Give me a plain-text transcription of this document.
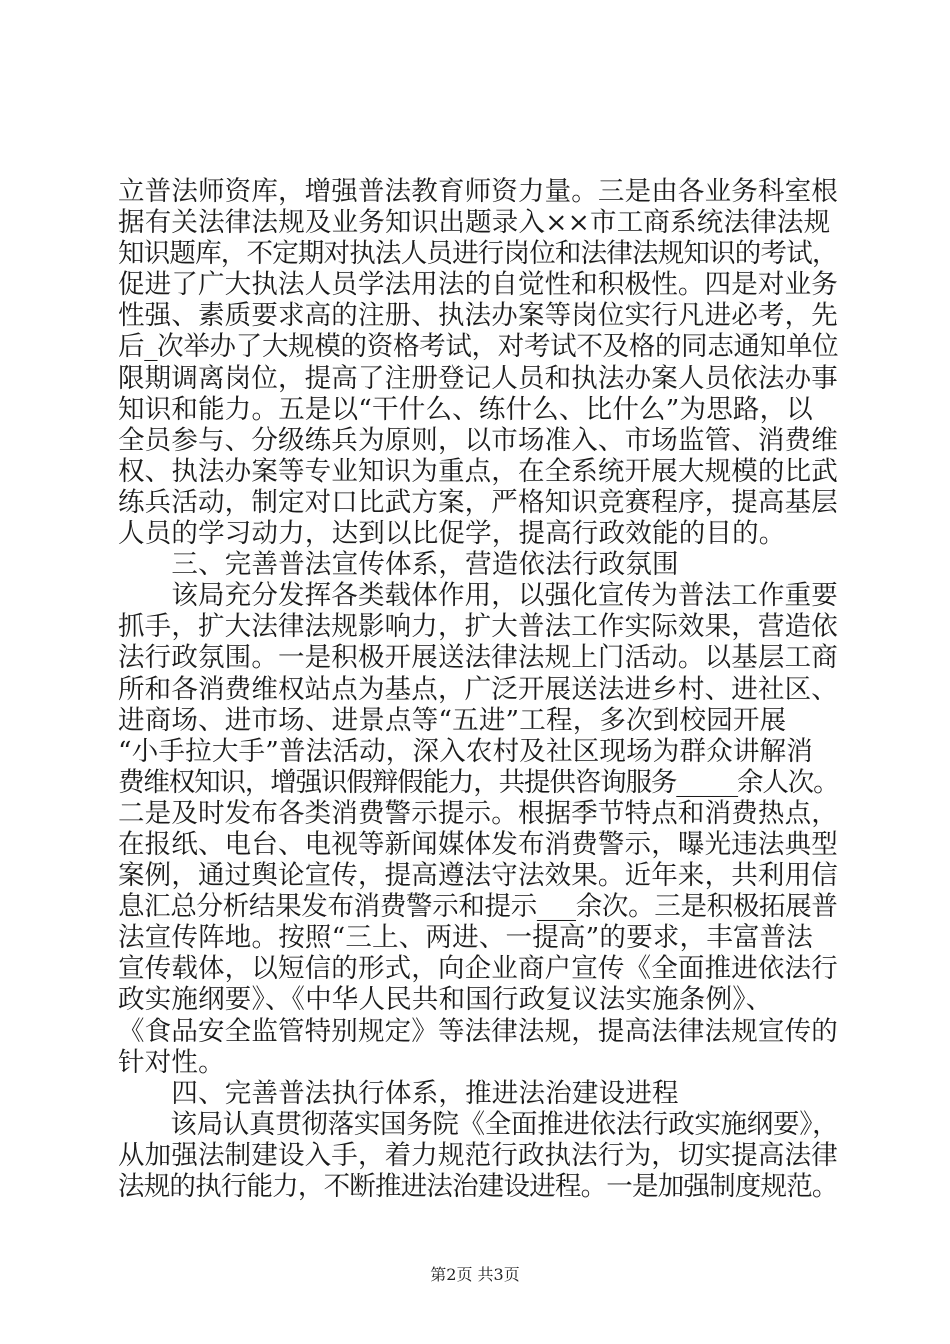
立普法师资库，增强普法教育师资力量。三是由各业务科室根
据有关法律法规及业务知识出题录入××市工商系统法律法规
知识题库，不定期对执法人员进行岗位和法律法规知识的考试，
促进了广大执法人员学法用法的自觉性和积极性。四是对业务
性强、素质要求高的注册、执法办案等岗位实行凡进必考，先
后_次举办了大规模的资格考试，对考试不及格的同志通知单位
限期调离岗位，提高了注册登记人员和执法办案人员依法办事
知识和能力。五是以“干什么、练什么、比什么”为思路，以
全员参与、分级练兵为原则，以市场准入、市场监管、消费维
权、执法办案等专业知识为重点，在全系统开展大规模的比武
练兵活动，制定对口比武方案，严格知识竞赛程序，提高基层
人员的学习动力，达到以比促学，提高行政效能的目的。
　　三、完善普法宣传体系，营造依法行政氛围
　　该局充分发挥各类载体作用，以强化宣传为普法工作重要
抓手，扩大法律法规影响力，扩大普法工作实际效果，营造依
法行政氛围。一是积极开展送法律法规上门活动。以基层工商
所和各消费维权站点为基点，广泛开展送法进乡村、进社区、
进商场、进市场、进景点等“五进”工程，多次到校园开展
“小手拉大手”普法活动，深入农村及社区现场为群众讲解消
费维权知识，增强识假辩假能力，共提供咨询服务_____余人次。
二是及时发布各类消费警示提示。根据季节特点和消费热点，
在报纸、电台、电视等新闻媒体发布消费警示，曝光违法典型
案例，通过舆论宣传，提高遵法守法效果。近年来，共利用信
息汇总分析结果发布消费警示和提示___余次。三是积极拓展普
法宣传阵地。按照“三上、两进、一提高”的要求，丰富普法
宣传载体，以短信的形式，向企业商户宣传《全面推进依法行
政实施纲要》、《中华人民共和国行政复议法实施条例》、
《食品安全监管特别规定》等法律法规，提高法律法规宣传的
针对性。
　　四、完善普法执行体系，推进法治建设进程
　　该局认真贯彻落实国务院《全面推进依法行政实施纲要》，
从加强法制建设入手，着力规范行政执法行为，切实提高法律
法规的执行能力，不断推进法治建设进程。一是加强制度规范。
第2页 共3页
